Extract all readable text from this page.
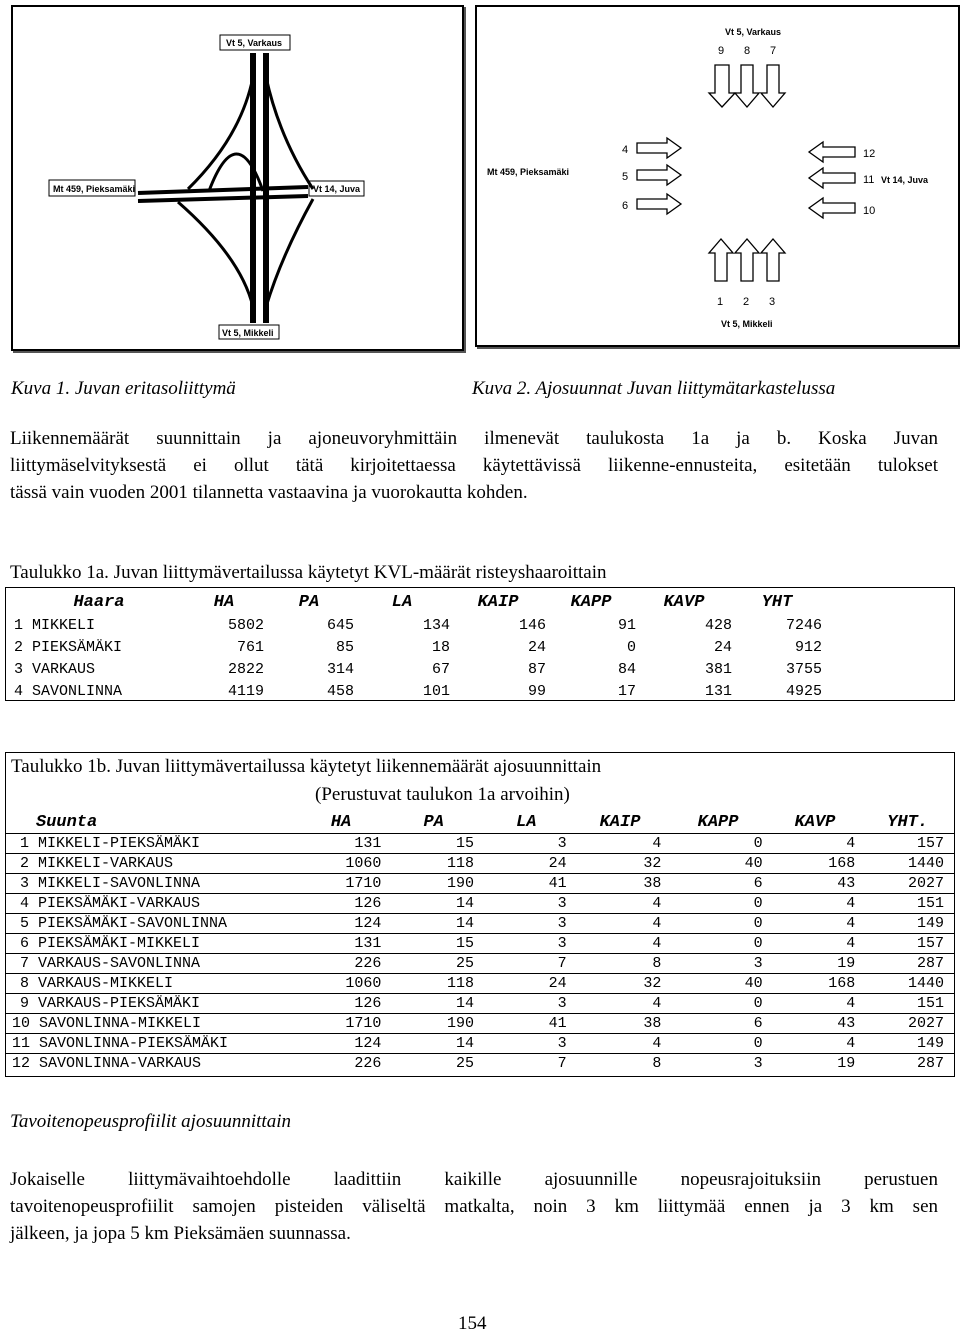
Vt 5, Varkaus
Mt 459, Pieksamäki	Vt 14, Juva
Vt 5, Mikkeli
Vt 5, Varkaus
9 8 7
Mt 459, Pieksamäki
4
5
6
12
11 Vt 14, Juva
10
1 2 3
Vt 5, Mikkeli
Kuva 1. Juvan eritasoliittymä	Kuva 2. Ajosuunnat Juvan liittymätarkastelussa
Liikennemäärät suunnittain ja ajoneuvoryhmittäin ilmenevät taulukosta 1a ja b. Koska Juvan
liittymäselvityksestä ei ollut tätä kirjoitettaessa käytettävissä liikenne-ennusteita, esitetään tulokset
tässä vain vuoden 2001 tilannetta vastaavina ja vuorokautta kohden.
Taulukko 1a. Juvan liittymävertailussa käytetyt KVL-määrät risteyshaaroittain
Haara	HA	PA	LA	KAIP	KAPP	KAVP	YHT
1 MIKKELI	5802	645	134	146	91	428	7246
2 PIEKSÄMÄKI	761	85	18	24	0	24	912
3 VARKAUS	2822	314	67	87	84	381	3755
4 SAVONLINNA	4119	458	101	99	17	131	4925
Taulukko 1b. Juvan liittymävertailussa käytetyt liikennemäärät ajosuunnittain
(Perustuvat taulukon 1a arvoihin)
Suunta	HA	PA	LA	KAIP	KAPP	KAVP	YHT.
1 MIKKELI-PIEKSÄMÄKI	131	15	3	4	0	4	157
2 MIKKELI-VARKAUS	1060	118	24	32	40	168	1440
3 MIKKELI-SAVONLINNA	1710	190	41	38	6	43	2027
4 PIEKSÄMÄKI-VARKAUS	126	14	3	4	0	4	151
5 PIEKSÄMÄKI-SAVONLINNA	124	14	3	4	0	4	149
6 PIEKSÄMÄKI-MIKKELI	131	15	3	4	0	4	157
7 VARKAUS-SAVONLINNA	226	25	7	8	3	19	287
8 VARKAUS-MIKKELI	1060	118	24	32	40	168	1440
9 VARKAUS-PIEKSÄMÄKI	126	14	3	4	0	4	151
10 SAVONLINNA-MIKKELI	1710	190	41	38	6	43	2027
11 SAVONLINNA-PIEKSÄMÄKI	124	14	3	4	0	4	149
12 SAVONLINNA-VARKAUS	226	25	7	8	3	19	287
Tavoitenopeusprofiilit ajosuunnittain
Jokaiselle liittymävaihtoehdolle laadittiin kaikille ajosuunnille nopeusrajoituksiin perustuen
tavoitenopeusprofiilit samojen pisteiden väliseltä matkalta, noin 3 km liittymää ennen ja 3 km sen
jälkeen, ja jopa 5 km Pieksämäen suunnassa.
154
